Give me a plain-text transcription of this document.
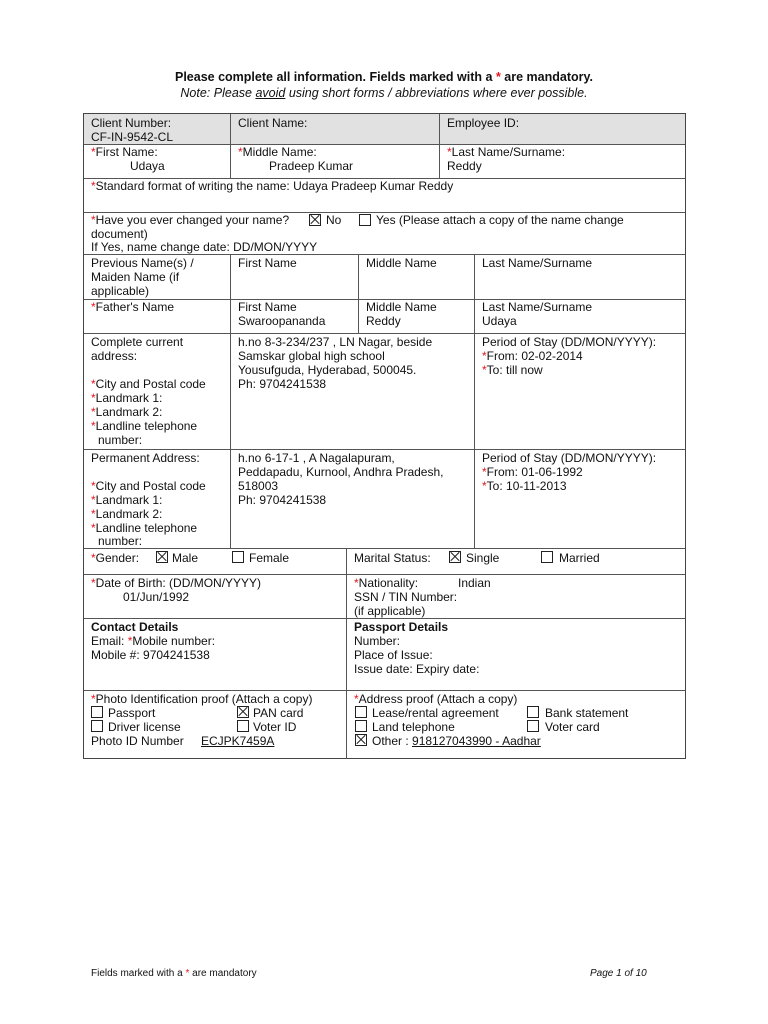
Please complete all information. Fields marked with a * are mandatory.
Note: Please avoid using short forms / abbreviations where ever possible.
Client Number:
CF-IN-9542-CL
Client Name:	Employee ID:
*First Name:
Udaya
*Middle Name:
Pradeep Kumar
*Last Name/Surname:
Reddy
*Standard format of writing the name: Udaya Pradeep Kumar Reddy
*Have you ever changed your name?	No	Yes (Please attach a copy of the name change
document)
If Yes, name change date: DD/MON/YYYY
Previous Name(s) /
Maiden Name (if
applicable)
First Name	Middle Name	Last Name/Surname
*Father's Name	First Name
Swaroopananda
Middle Name
Reddy
Last Name/Surname
Udaya
Complete current
address:
*City and Postal code
*Landmark 1:
*Landmark 2:
*Landline telephone
number:
h.no 8-3-234/237 , LN Nagar, beside
Samskar global high school
Yousufguda, Hyderabad, 500045.
Ph: 9704241538
Period of Stay (DD/MON/YYYY):
*From: 02-02-2014
*To: till now
Permanent Address:
*City and Postal code
*Landmark 1:
*Landmark 2:
*Landline telephone
number:
h.no 6-17-1 , A Nagalapuram,
Peddapadu, Kurnool, Andhra Pradesh,
518003
Ph: 9704241538
Period of Stay (DD/MON/YYYY):
*From: 01-06-1992
*To: 10-11-2013
*Gender:	Male	Female	Marital Status:	Single	Married
*Date of Birth: (DD/MON/YYYY)
01/Jun/1992
*Nationality:	Indian
SSN / TIN Number:
(if applicable)
Contact Details
Email: *Mobile number:
Mobile #: 9704241538
Passport Details
Number:
Place of Issue:
Issue date: Expiry date:
*Photo Identification proof (Attach a copy)
Passport	PAN card
Driver license	Voter ID
Photo ID Number ECJPK7459A
*Address proof (Attach a copy)
Lease/rental agreement	Bank statement
Land telephone	Voter card
Other : 918127043990 - Aadhar
Fields marked with a * are mandatory	Page 1 of 10
